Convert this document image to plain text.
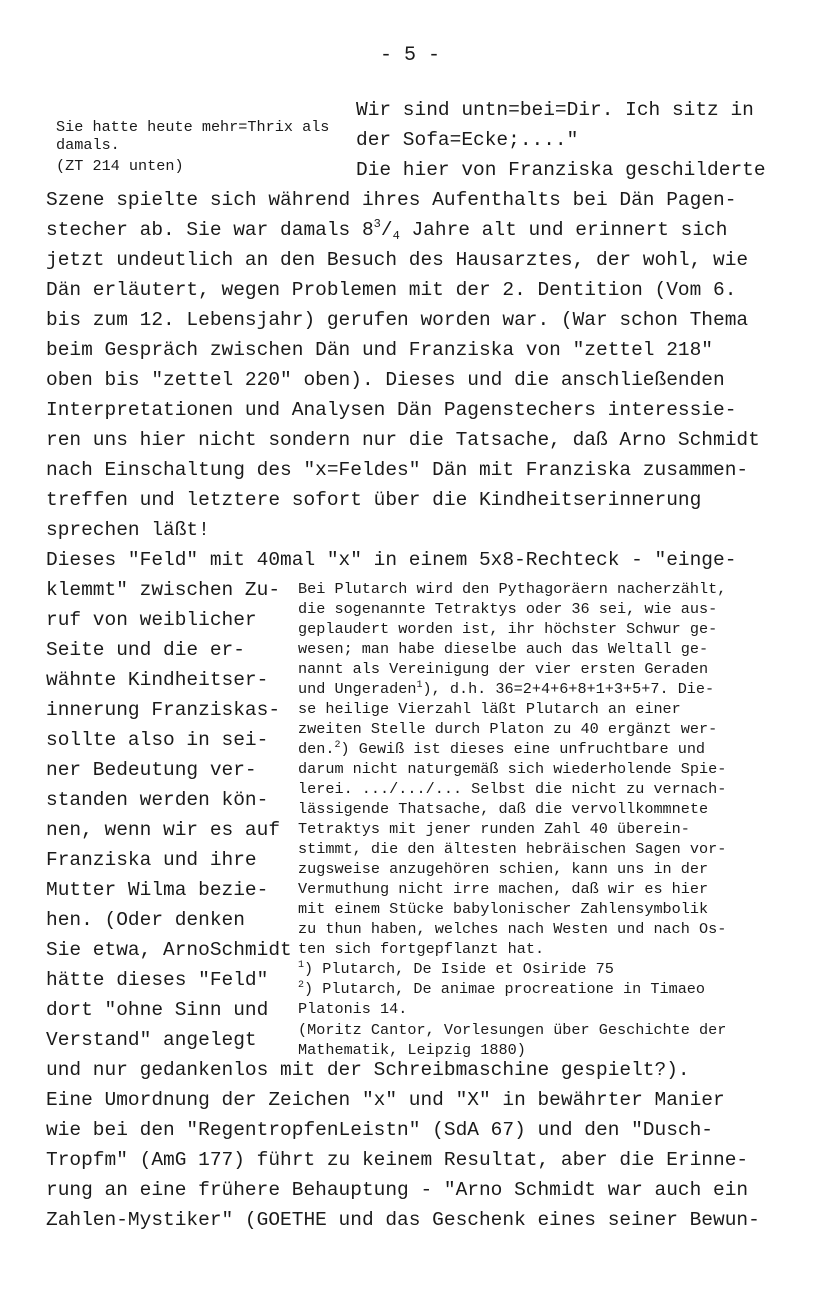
- 5 -
Sie hatte heute mehr=Thrix als
damals.
(ZT 214 unten)
Wir sind untn=bei=Dir. Ich sitz in
der Sofa=Ecke;...."
Die hier von Franziska geschilderte
Szene spielte sich während ihres Aufenthalts bei Dän Pagen-
stecher ab. Sie war damals $8^3/_4$ Jahre alt und erinnert sich
jetzt undeutlich an den Besuch des Hausarztes, der wohl, wie
Dän erläutert, wegen Problemen mit der 2. Dentition (Vom 6.
bis zum 12. Lebensjahr) gerufen worden war. (War schon Thema
beim Gespräch zwischen Dän und Franziska von "zettel 218"
oben bis "zettel 220" oben). Dieses und die anschließenden
Interpretationen und Analysen Dän Pagenstechers interessie-
ren uns hier nicht sondern nur die Tatsache, daß Arno Schmidt
nach Einschaltung des "x=Feldes" Dän mit Franziska zusammen-
treffen und letztere sofort über die Kindheitserinnerung
sprechen läßt!
Dieses "Feld" mit 40mal "x" in einem 5x8-Rechteck - "einge-
klemmt" zwischen Zu-
ruf von weiblicher
Seite und die er-
wähnte Kindheitser-
innerung Franziskas-
sollte also in sei-
ner Bedeutung ver-
standen werden kön-
nen, wenn wir es auf
Franziska und ihre
Mutter Wilma bezie-
hen. (Oder denken
Sie etwa, ArnoSchmidt
hätte dieses "Feld"
dort "ohne Sinn und
Verstand" angelegt
Bei Plutarch wird den Pythagoräern nacherzählt,
die sogenannte Tetraktys oder 36 sei, wie aus-
geplaudert worden ist, ihr höchster Schwur ge-
wesen; man habe dieselbe auch das Weltall ge-
nannt als Vereinigung der vier ersten Geraden
und Ungeraden$^1$), d.h. 36=2+4+6+8+1+3+5+7. Die-
se heilige Vierzahl läßt Plutarch an einer
zweiten Stelle durch Platon zu 40 ergänzt wer-
den.$^2$) Gewiß ist dieses eine unfruchtbare und
darum nicht naturgemäß sich wiederholende Spie-
lerei. .../.../... Selbst die nicht zu vernach-
lässigende Thatsache, daß die vervollkommnete
Tetraktys mit jener runden Zahl 40 überein-
stimmt, die den ältesten hebräischen Sagen vor-
zugsweise anzugehören schien, kann uns in der
Vermuthung nicht irre machen, daß wir es hier
mit einem Stücke babylonischer Zahlensymbolik
zu thun haben, welches nach Westen und nach Os-
ten sich fortgepflanzt hat.
$^1$) Plutarch, De Iside et Osiride 75
$^2$) Plutarch, De animae procreatione in Timaeo
Platonis 14.
(Moritz Cantor, Vorlesungen über Geschichte der
Mathematik, Leipzig 1880)
und nur gedankenlos mit der Schreibmaschine gespielt?).
Eine Umordnung der Zeichen "x" und "X" in bewährter Manier
wie bei den "RegentropfenLeistn" (SdA 67) und den "Dusch-
Tropfm" (AmG 177) führt zu keinem Resultat, aber die Erinne-
rung an eine frühere Behauptung - "Arno Schmidt war auch ein
Zahlen-Mystiker" (GOETHE und das Geschenk eines seiner Bewun-
